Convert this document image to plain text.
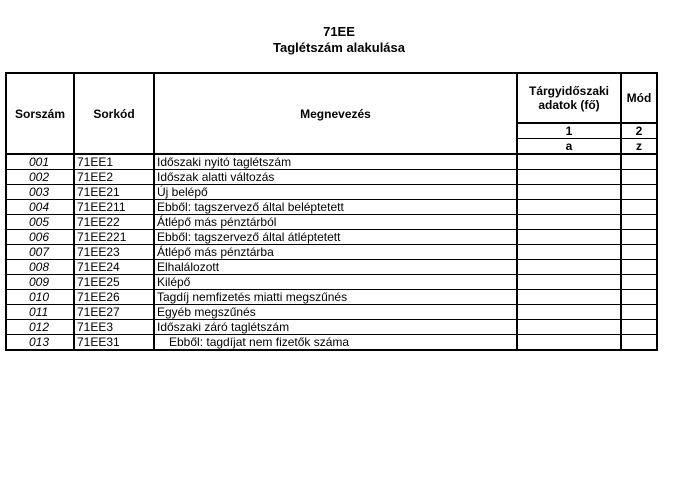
71EE
Taglétszám alakulása
Sorszám	Sorkód	Megnevezés	Tárgyidőszaki adatok (fő)	Mód
			1	2
			a	z
001	71EE1	Időszaki nyitó taglétszám		
002	71EE2	Időszak alatti változás		
003	71EE21	Új belépő		
004	71EE211	Ebből: tagszervező által beléptetett		
005	71EE22	Átlépő más pénztárból		
006	71EE221	Ebből: tagszervező által átléptetett		
007	71EE23	Átlépő más pénztárba		
008	71EE24	Elhalálozott		
009	71EE25	Kilépő		
010	71EE26	Tagdíj nemfizetés miatti megszűnés		
011	71EE27	Egyéb megszűnés		
012	71EE3	Időszaki záró taglétszám		
013	71EE31	Ebből: tagdíjat nem fizetők száma		
